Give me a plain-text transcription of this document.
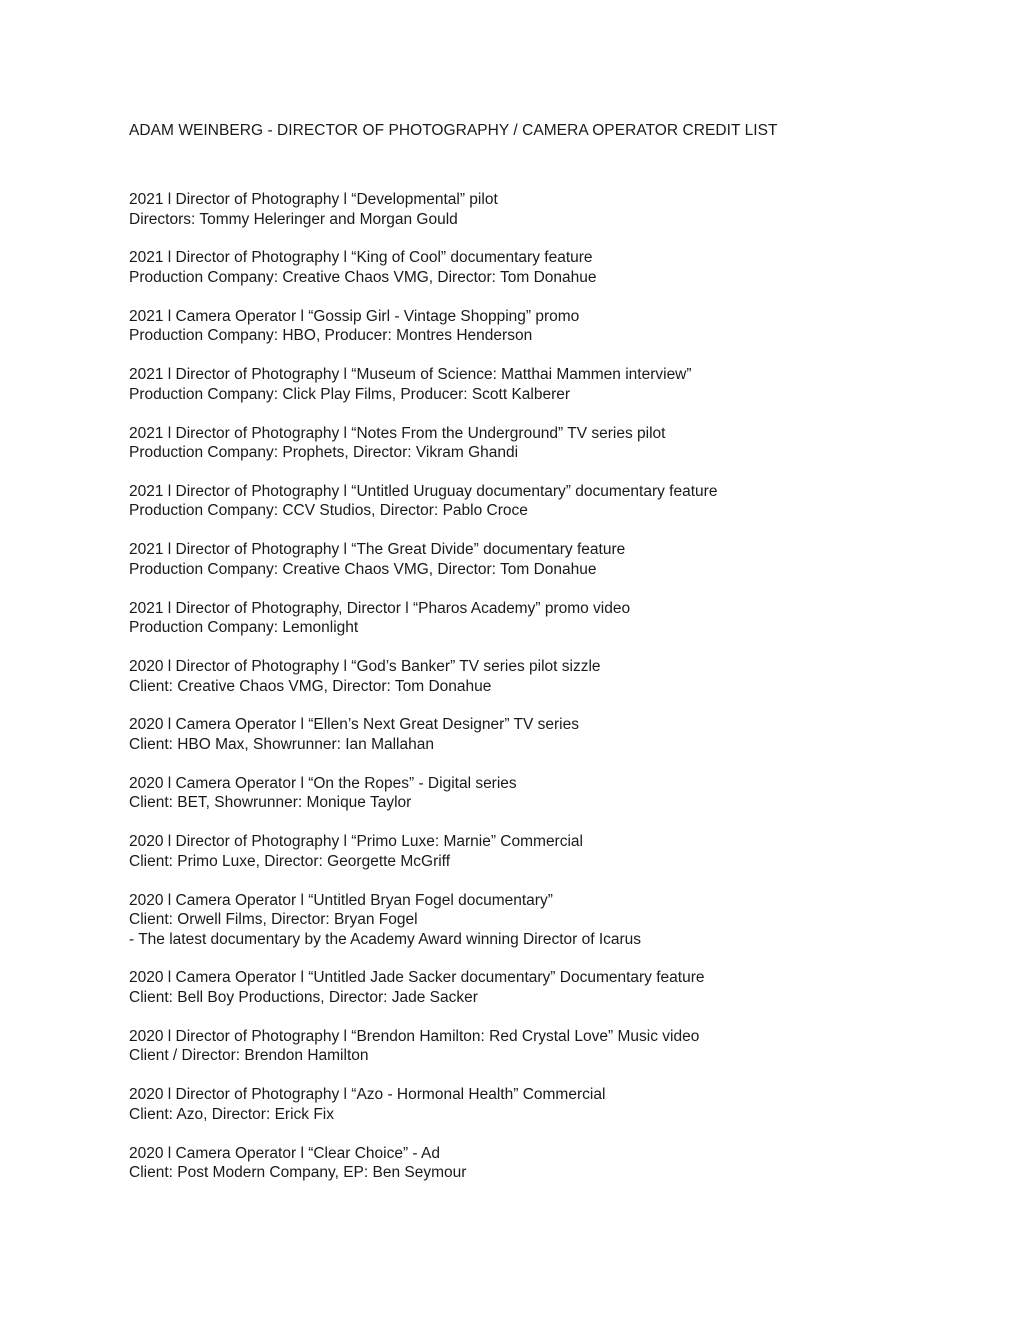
ADAM WEINBERG - DIRECTOR OF PHOTOGRAPHY / CAMERA OPERATOR CREDIT LIST
2021 l Director of Photography l “Developmental” pilot
Directors: Tommy Heleringer and Morgan Gould
2021 l Director of Photography l “King of Cool” documentary feature
Production Company: Creative Chaos VMG, Director: Tom Donahue
2021 l Camera Operator l “Gossip Girl - Vintage Shopping” promo
Production Company: HBO, Producer: Montres Henderson
2021 l Director of Photography l “Museum of Science: Matthai Mammen interview”
Production Company: Click Play Films, Producer: Scott Kalberer
2021 l Director of Photography l “Notes From the Underground” TV series pilot
Production Company: Prophets, Director: Vikram Ghandi
2021 l Director of Photography l “Untitled Uruguay documentary” documentary feature
Production Company: CCV Studios, Director: Pablo Croce
2021 l Director of Photography l “The Great Divide” documentary feature
Production Company: Creative Chaos VMG, Director: Tom Donahue
2021 l Director of Photography, Director l “Pharos Academy” promo video
Production Company: Lemonlight
2020 l Director of Photography l “God’s Banker” TV series pilot sizzle
Client: Creative Chaos VMG, Director: Tom Donahue
2020 l Camera Operator l “Ellen’s Next Great Designer” TV series
Client: HBO Max, Showrunner: Ian Mallahan
2020 l Camera Operator l “On the Ropes” - Digital series
Client: BET, Showrunner: Monique Taylor
2020 l Director of Photography l “Primo Luxe: Marnie” Commercial
Client: Primo Luxe, Director: Georgette McGriff
2020 l Camera Operator l “Untitled Bryan Fogel documentary”
Client: Orwell Films, Director: Bryan Fogel
- The latest documentary by the Academy Award winning Director of Icarus
2020 l Camera Operator l “Untitled Jade Sacker documentary” Documentary feature
Client: Bell Boy Productions, Director: Jade Sacker
2020 l Director of Photography l “Brendon Hamilton: Red Crystal Love” Music video
Client / Director: Brendon Hamilton
2020 l Director of Photography l “Azo - Hormonal Health” Commercial
Client: Azo, Director: Erick Fix
2020 l Camera Operator l “Clear Choice” - Ad
Client: Post Modern Company, EP: Ben Seymour
